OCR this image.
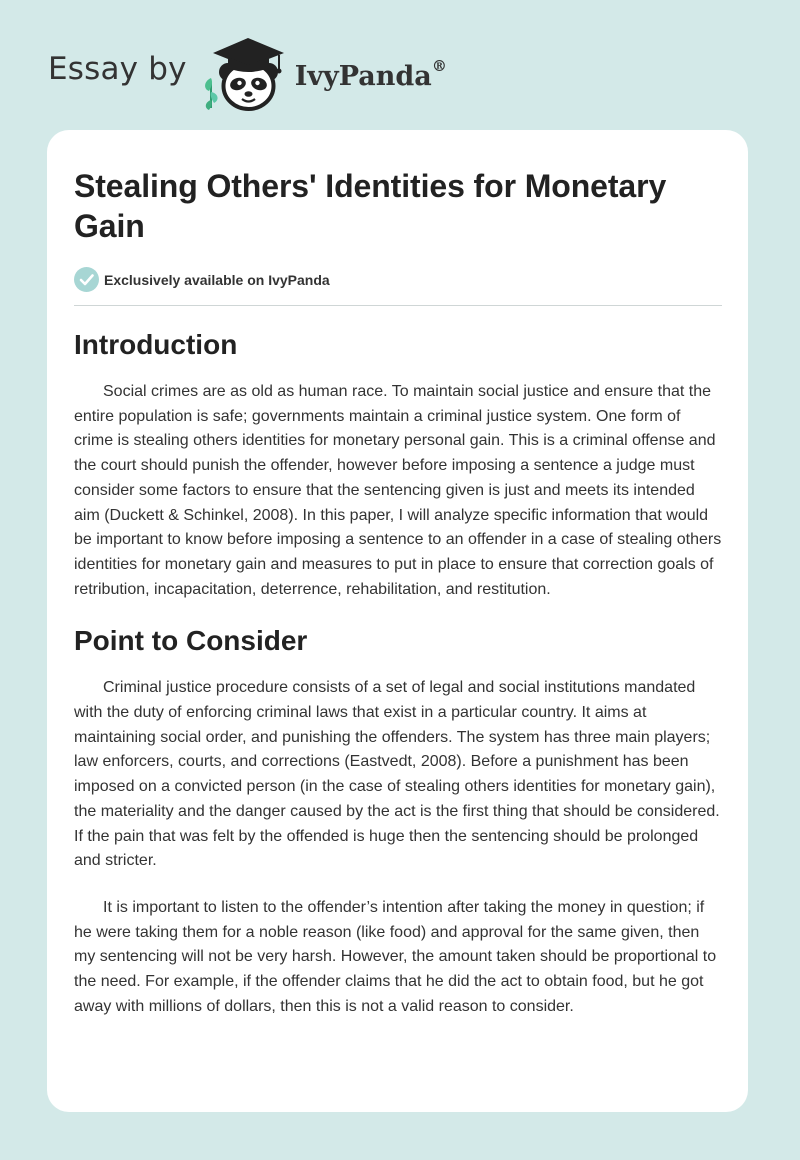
Essay by	IvyPanda®
Stealing Others' Identities for Monetary Gain
Exclusively available on IvyPanda
Introduction

Social crimes are as old as human race. To maintain social justice and ensure that the entire population is safe; governments maintain a criminal justice system. One form of crime is stealing others identities for monetary personal gain. This is a criminal offense and the court should punish the offender, however before imposing a sentence a judge must consider some factors to ensure that the sentencing given is just and meets its intended aim (Duckett & Schinkel, 2008). In this paper, I will analyze specific information that would be important to know before imposing a sentence to an offender in a case of stealing others identities for monetary gain and measures to put in place to ensure that correction goals of retribution, incapacitation, deterrence, rehabilitation, and restitution.

Point to Consider

Criminal justice procedure consists of a set of legal and social institutions mandated with the duty of enforcing criminal laws that exist in a particular country. It aims at maintaining social order, and punishing the offenders. The system has three main players; law enforcers, courts, and corrections (Eastvedt, 2008). Before a punishment has been imposed on a convicted person (in the case of stealing others identities for monetary gain), the materiality and the danger caused by the act is the first thing that should be considered. If the pain that was felt by the offended is huge then the sentencing should be prolonged and stricter.

It is important to listen to the offender’s intention after taking the money in question; if he were taking them for a noble reason (like food) and approval for the same given, then my sentencing will not be very harsh. However, the amount taken should be proportional to the need. For example, if the offender claims that he did the act to obtain food, but he got away with millions of dollars, then this is not a valid reason to consider.
